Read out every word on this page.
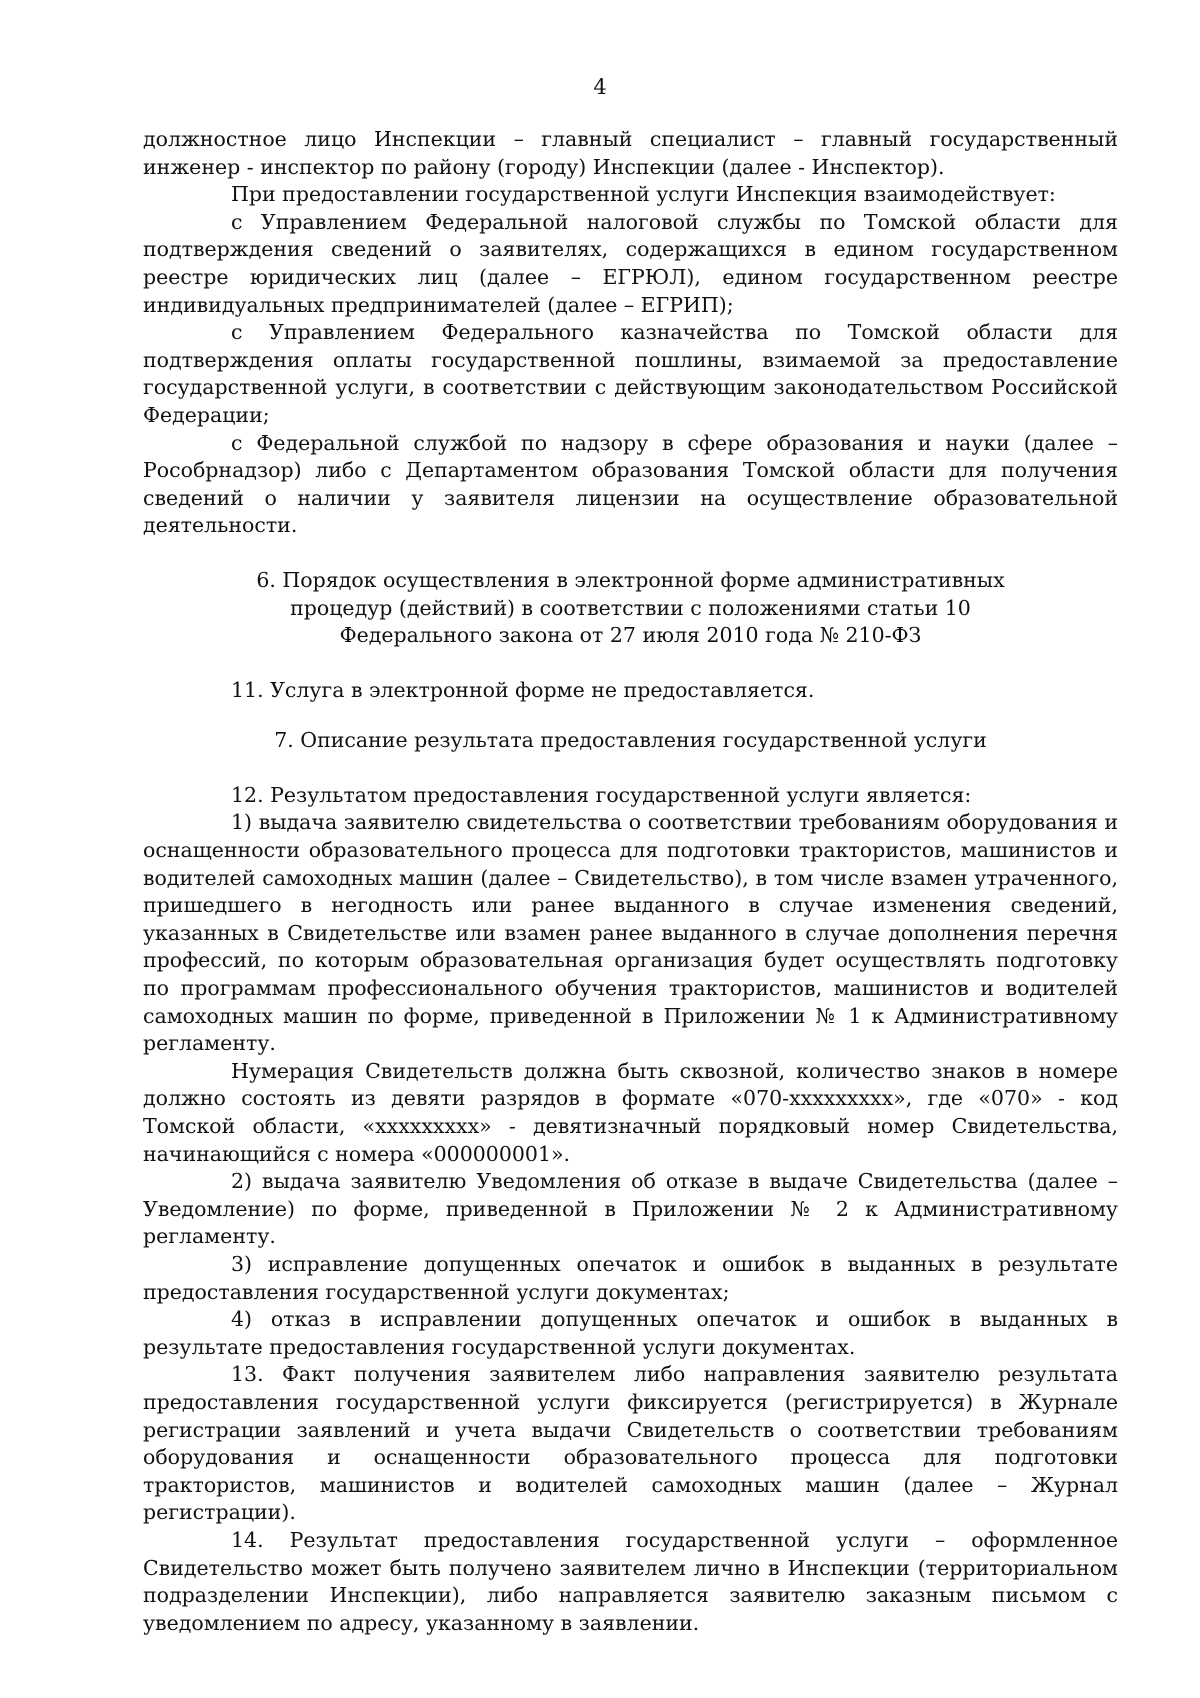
4

должностное лицо Инспекции – главный специалист – главный государственный инженер - инспектор по району (городу) Инспекции (далее - Инспектор).

При предоставлении государственной услуги Инспекция взаимодействует:

с Управлением Федеральной налоговой службы по Томской области для подтверждения сведений о заявителях, содержащихся в едином государственном реестре юридических лиц (далее – ЕГРЮЛ), едином государственном реестре индивидуальных предпринимателей (далее – ЕГРИП);

с Управлением Федерального казначейства по Томской области для подтверждения оплаты государственной пошлины, взимаемой за предоставление государственной услуги, в соответствии с действующим законодательством Российской Федерации;

с Федеральной службой по надзору в сфере образования и науки (далее – Рособрнадзор) либо с Департаментом образования Томской области для получения сведений о наличии у заявителя лицензии на осуществление образовательной деятельности.

6. Порядок осуществления в электронной форме административных

процедур (действий) в соответствии с положениями статьи 10

Федерального закона от 27 июля 2010 года № 210-ФЗ

11. Услуга в электронной форме не предоставляется.

7. Описание результата предоставления государственной услуги

12. Результатом предоставления государственной услуги является:

1) выдача заявителю свидетельства о соответствии требованиям оборудования и оснащенности образовательного процесса для подготовки трактористов, машинистов и водителей самоходных машин (далее – Свидетельство), в том числе взамен утраченного, пришедшего в негодность или ранее выданного в случае изменения сведений, указанных в Свидетельстве или взамен ранее выданного в случае дополнения перечня профессий, по которым образовательная организация будет осуществлять подготовку по программам профессионального обучения трактористов, машинистов и водителей самоходных машин по форме, приведенной в Приложении № 1 к Административному регламенту.

Нумерация Свидетельств должна быть сквозной, количество знаков в номере должно состоять из девяти разрядов в формате «070-ххххххххх», где «070» - код Томской области, «ххххххххх» - девятизначный порядковый номер Свидетельства, начинающийся с номера «000000001».

2) выдача заявителю Уведомления об отказе в выдаче Свидетельства (далее – Уведомление) по форме, приведенной в Приложении № 2 к Административному регламенту.

3) исправление допущенных опечаток и ошибок в выданных в результате предоставления государственной услуги документах;

4) отказ в исправлении допущенных опечаток и ошибок в выданных в результате предоставления государственной услуги документах.

13. Факт получения заявителем либо направления заявителю результата предоставления государственной услуги фиксируется (регистрируется) в Журнале регистрации заявлений и учета выдачи Свидетельств о соответствии требованиям оборудования и оснащенности образовательного процесса для подготовки трактористов, машинистов и водителей самоходных машин (далее – Журнал регистрации).

14. Результат предоставления государственной услуги – оформленное Свидетельство может быть получено заявителем лично в Инспекции (территориальном подразделении Инспекции), либо направляется заявителю заказным письмом с уведомлением по адресу, указанному в заявлении.
